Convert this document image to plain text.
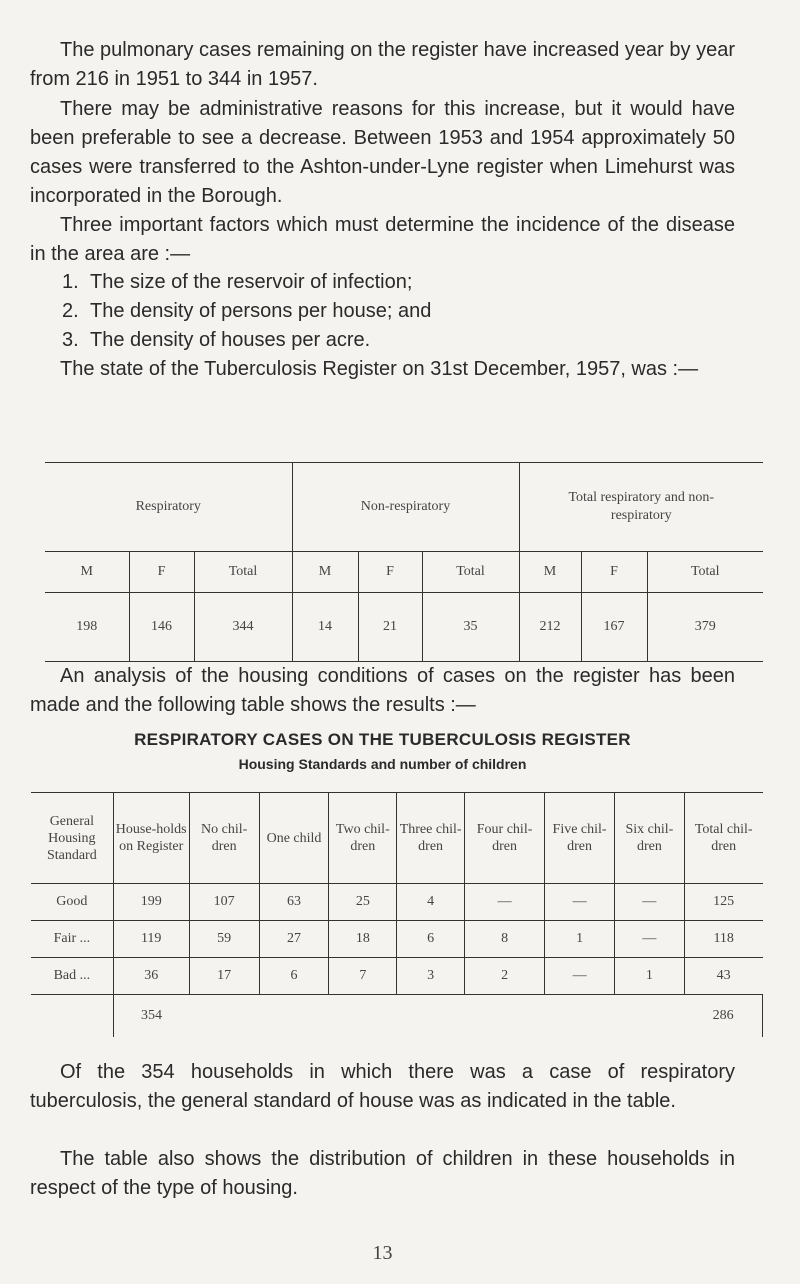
The pulmonary cases remaining on the register have increased year by year from 216 in 1951 to 344 in 1957.

There may be administrative reasons for this increase, but it would have been preferable to see a decrease. Between 1953 and 1954 approximately 50 cases were transferred to the Ashton-under-Lyne register when Limehurst was incorporated in the Borough.

Three important factors which must determine the incidence of the disease in the area are :—

1. The size of the reservoir of infection;
2. The density of persons per house; and
3. The density of houses per acre.

The state of the Tuberculosis Register on 31st December, 1957, was :—

Respiratory			Non-respiratory			Total respiratory and non-respiratory		
M	F	Total	M	F	Total	M	F	Total
198	146	344	14	21	35	212	167	379

An analysis of the housing conditions of cases on the register has been made and the following table shows the results :—

RESPIRATORY CASES ON THE TUBERCULOSIS REGISTER
Housing Standards and number of children
General Housing Standard	House-holds on Register	No chil-dren	One child	Two chil-dren	Three chil-dren	Four chil-dren	Five chil-dren	Six chil-dren	Total chil-dren
Good	199	107	63	25	4	—	—	—	125
Fair ...	119	59	27	18	6	8	1	—	118
Bad ...	36	17	6	7	3	2	—	1	43
	354								286

Of the 354 households in which there was a case of respiratory tuberculosis, the general standard of house was as indicated in the table.

The table also shows the distribution of children in these households in respect of the type of housing.

13
